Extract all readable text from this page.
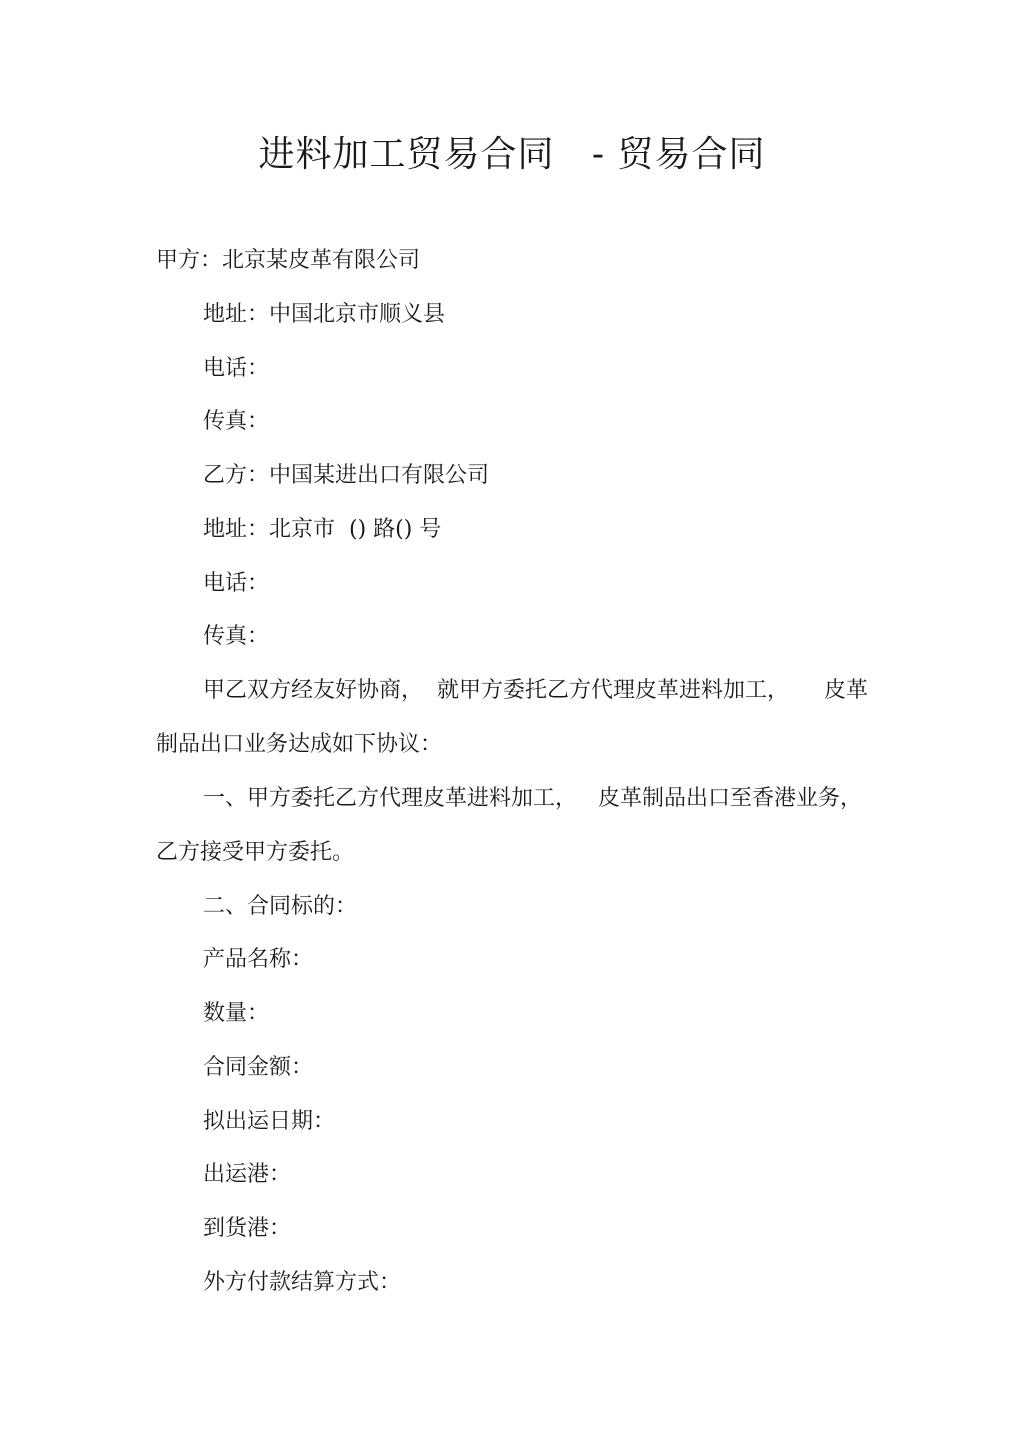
进料加工贸易合同   - 贸易合同
甲方：北京某皮革有限公司
地址：中国北京市顺义县
电话：
传真：
乙方：中国某进出口有限公司
地址：北京市  () 路() 号
电话：
传真：
甲乙双方经友好协商，  就甲方委托乙方代理皮革进料加工，     皮革
制品出口业务达成如下协议：
一、甲方委托乙方代理皮革进料加工，   皮革制品出口至香港业务，
乙方接受甲方委托。
二、合同标的：
产品名称：
数量：
合同金额：
拟出运日期：
出运港：
到货港：
外方付款结算方式：
